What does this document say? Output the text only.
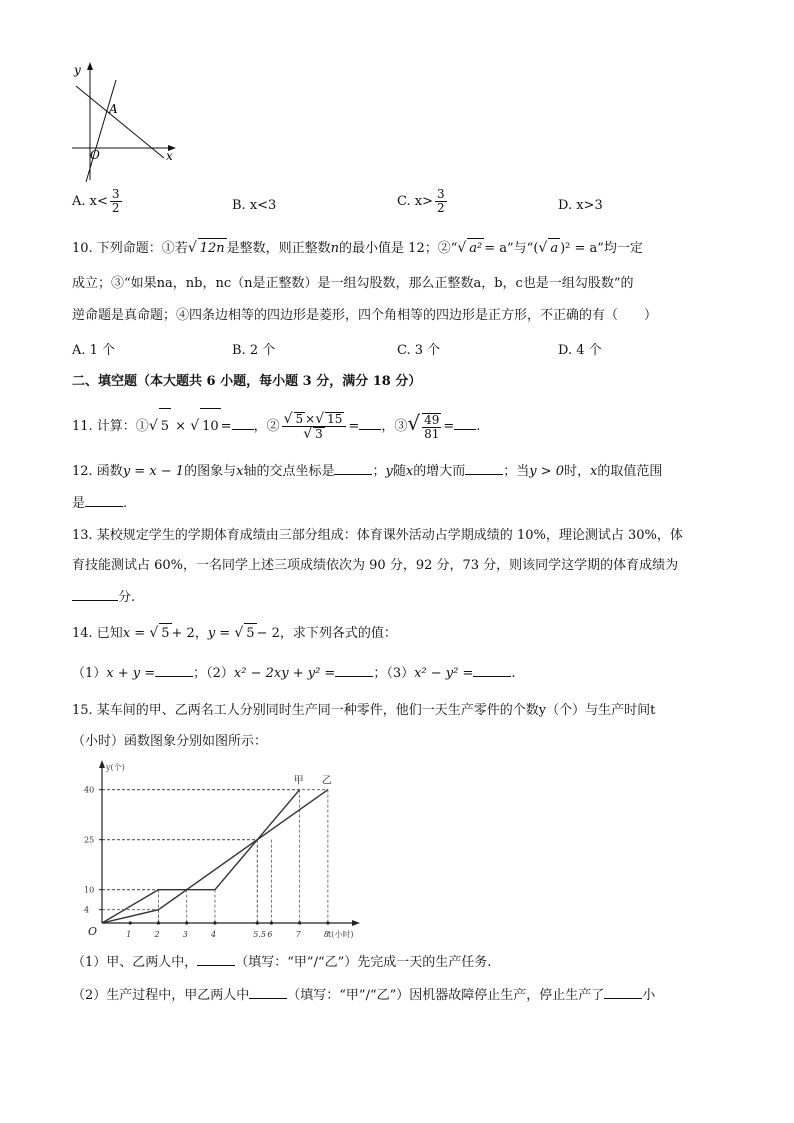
y
x
O
A
A. $x< \frac{3}{2}$	B. x<3	C. $x> \frac{3}{2}$	D. x>3
10. 下列命题：①若√ 12n 是整数，则正整数n的最小值是 12；②“√ a² = a”与“(√ a )² = a”均一定
成立；③“如果na，nb，nc（n是正整数）是一组勾股数，那么正整数a，b，c也是一组勾股数”的
逆命题是真命题；④四条边相等的四边形是菱形，四个角相等的四边形是正方形，不正确的有（　　）
A. 1 个	B. 2 个	C. 3 个	D. 4 个
二、填空题（本大题共 6 小题，每小题 3 分，满分 18 分）
11. 计算：①√ 5 × √ 10 = ，② $\frac{√ 5 \times√ 15}{√ 3}$ = ，③√ $\frac{49}{81}$ = .
12. 函数y = x − 1的图象与x轴的交点坐标是	；y随x的增大而	；当y > 0时，x的取值范围
是	.
13. 某校规定学生的学期体育成绩由三部分组成：体育课外活动占学期成绩的 10%，理论测试占 30%，体
育技能测试占 60%，一名同学上述三项成绩依次为 90 分，92 分，73 分，则该同学这学期的体育成绩为
分.
14. 已知x = √ 5 + 2，y = √ 5 − 2，求下列各式的值：
（1）x + y =	；（2）x² − 2xy + y² =	；（3）x² − y² =	.
15. 某车间的甲、乙两名工人分别同时生产同一种零件，他们一天生产零件的个数y（个）与生产时间t
（小时）函数图象分别如图所示：
y(个)
t(小时)
O	1	2	3	4	5.5 6	7	8
4
10
25
40
甲 乙
（1）甲、乙两人中，	（填写：“甲”/“乙”）先完成一天的生产任务.
（2）生产过程中，甲乙两人中	（填写：“甲”/“乙”）因机器故障停止生产，停止生产了	小
